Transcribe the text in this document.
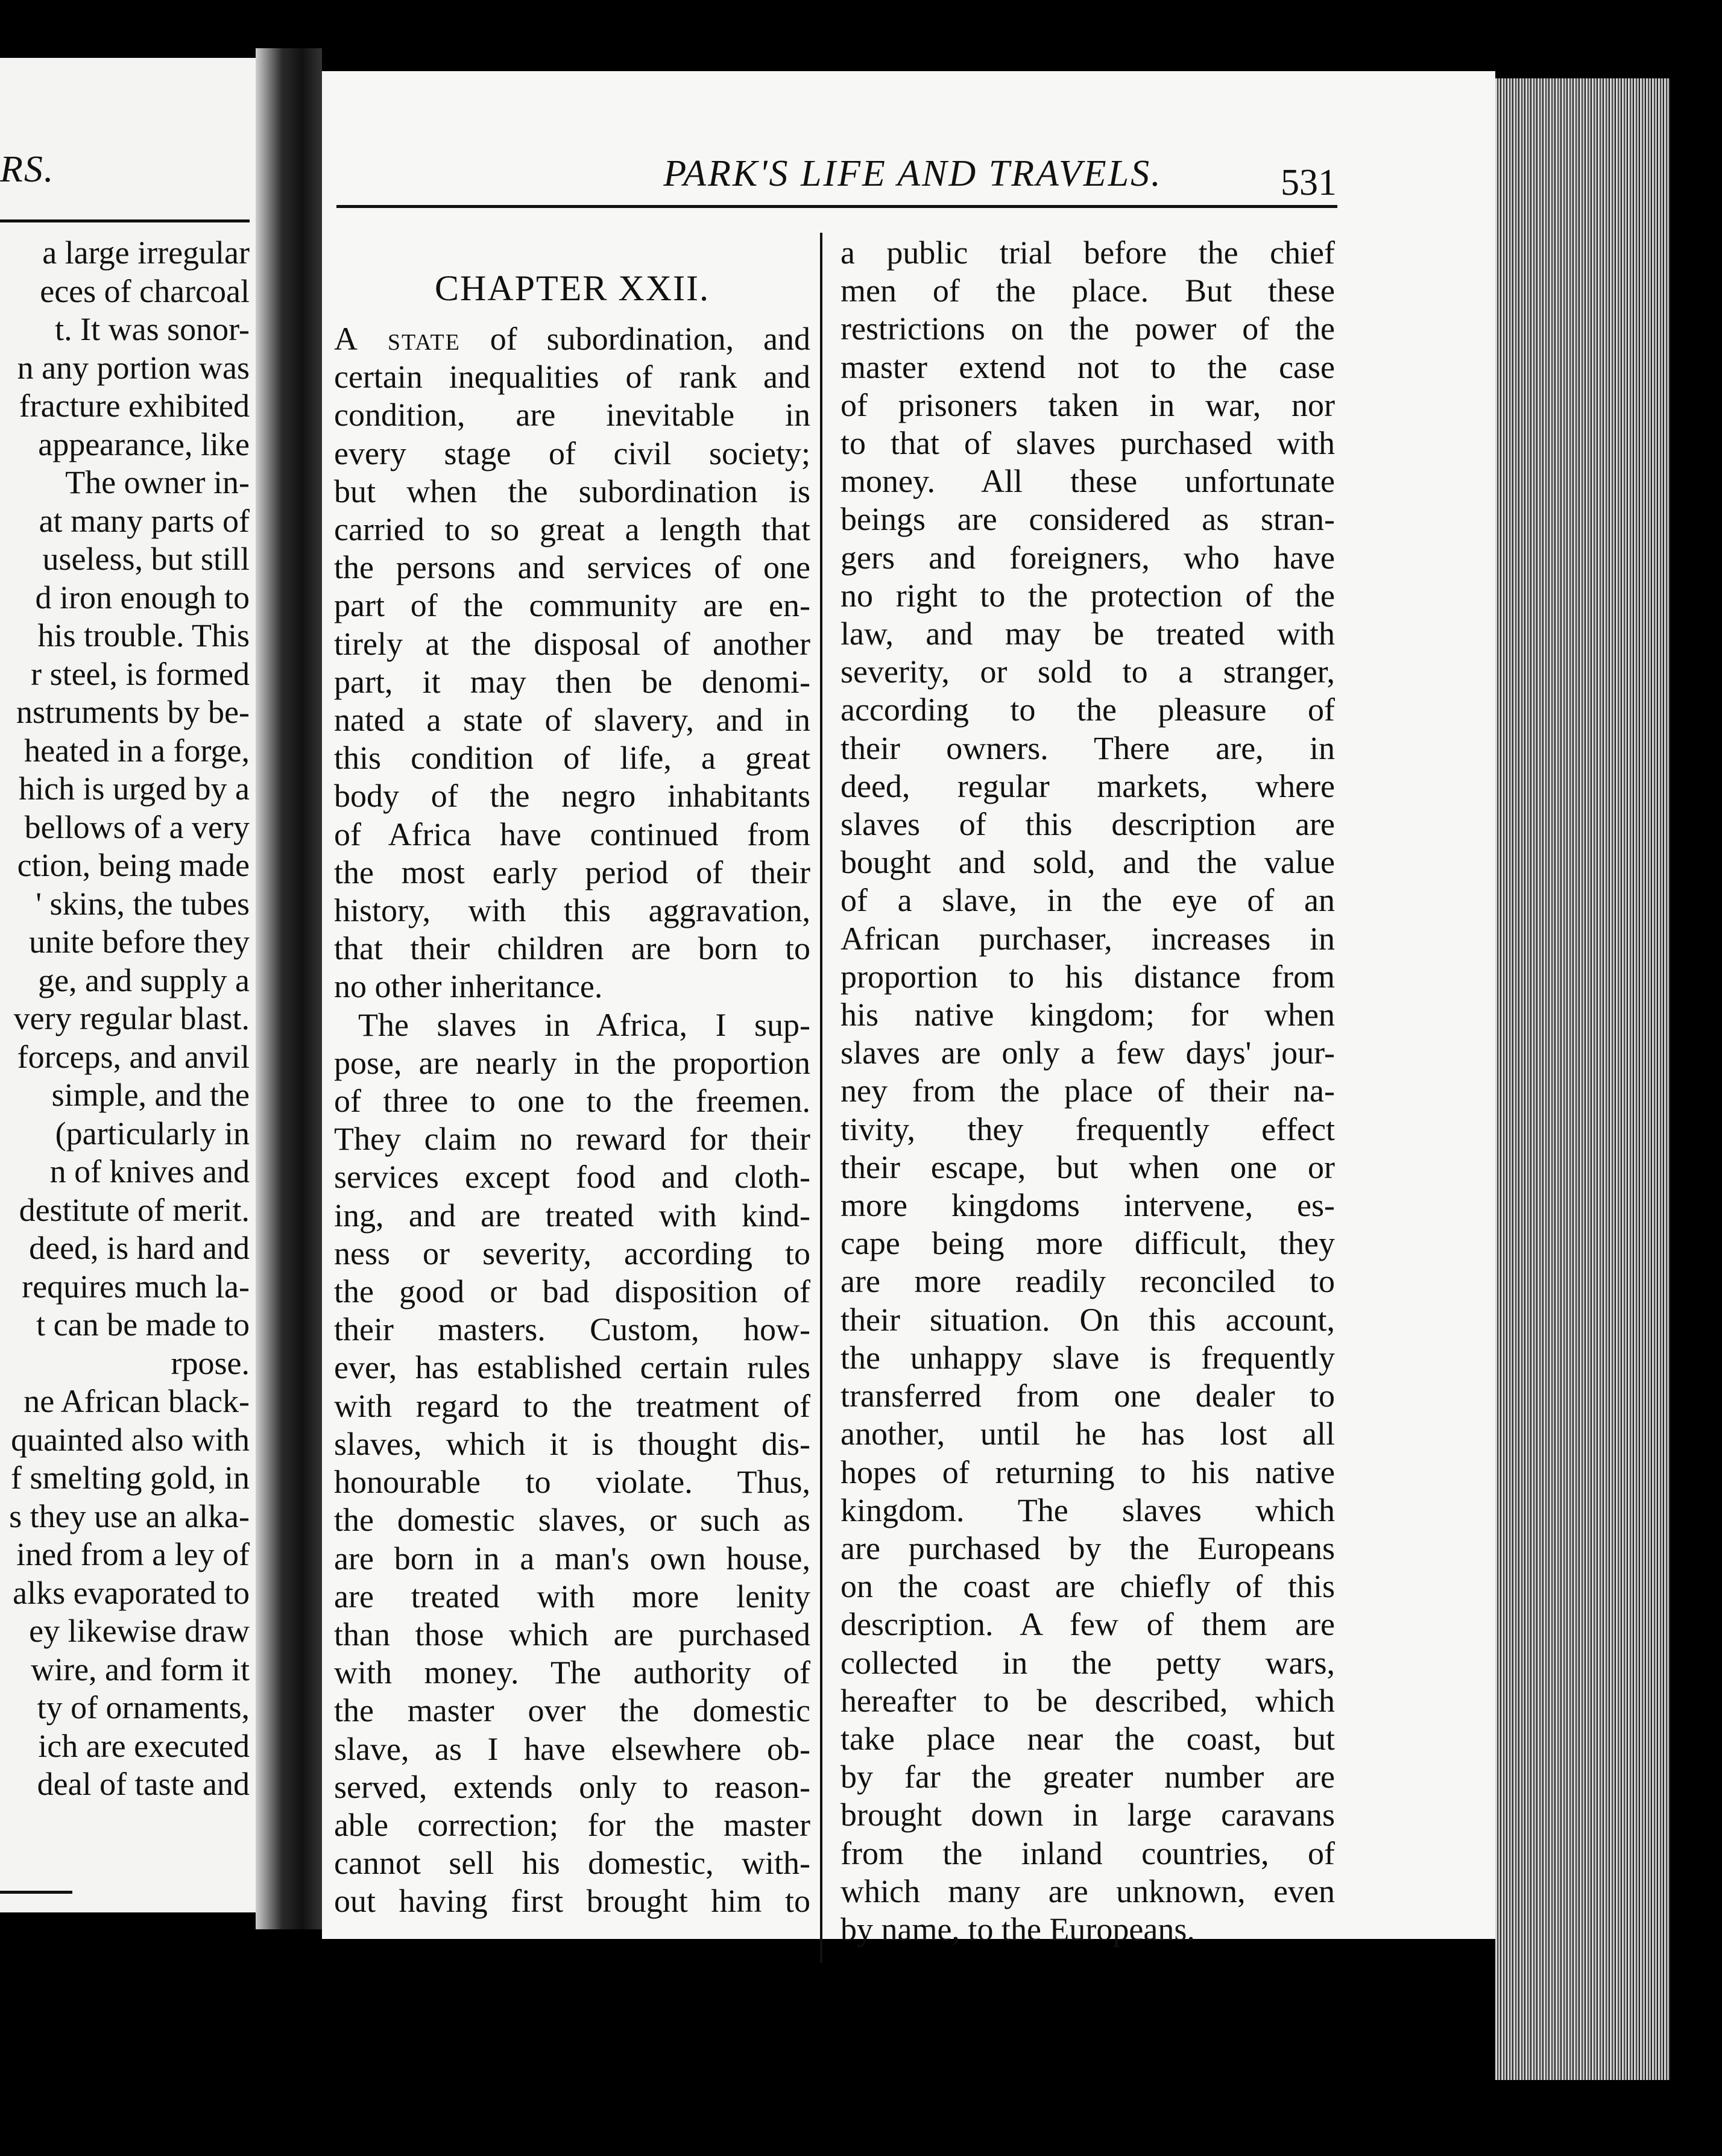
RS.
a large irregular
eces of charcoal
t. It was sonor-
n any portion was
fracture exhibited
appearance, like
The owner in-
at many parts of
useless, but still
d iron enough to
his trouble. This
r steel, is formed
nstruments by be-
heated in a forge,
hich is urged by a
bellows of a very
ction, being made
' skins, the tubes
unite before they
ge, and supply a
very regular blast.
forceps, and anvil
simple, and the
(particularly in
n of knives and
destitute of merit.
deed, is hard and
requires much la-
t can be made to
rpose.
ne African black-
quainted also with
f smelting gold, in
s they use an alka-
ined from a ley of
alks evaporated to
ey likewise draw
wire, and form it
ty of ornaments,
ich are executed
deal of taste and

PARK'S LIFE AND TRAVELS.	531
CHAPTER XXII.
A state of subordination, and
certain inequalities of rank and
condition, are inevitable in
every stage of civil society;
but when the subordination is
carried to so great a length that
the persons and services of one
part of the community are en-
tirely at the disposal of another
part, it may then be denomi-
nated a state of slavery, and in
this condition of life, a great
body of the negro inhabitants
of Africa have continued from
the most early period of their
history, with this aggravation,
that their children are born to
no other inheritance.
The slaves in Africa, I sup-
pose, are nearly in the proportion
of three to one to the freemen.
They claim no reward for their
services except food and cloth-
ing, and are treated with kind-
ness or severity, according to
the good or bad disposition of
their masters. Custom, how-
ever, has established certain rules
with regard to the treatment of
slaves, which it is thought dis-
honourable to violate. Thus,
the domestic slaves, or such as
are born in a man's own house,
are treated with more lenity
than those which are purchased
with money. The authority of
the master over the domestic
slave, as I have elsewhere ob-
served, extends only to reason-
able correction; for the master
cannot sell his domestic, with-
out having first brought him to
a public trial before the chief
men of the place. But these
restrictions on the power of the
master extend not to the case
of prisoners taken in war, nor
to that of slaves purchased with
money. All these unfortunate
beings are considered as stran-
gers and foreigners, who have
no right to the protection of the
law, and may be treated with
severity, or sold to a stranger,
according to the pleasure of
their owners. There are, in
deed, regular markets, where
slaves of this description are
bought and sold, and the value
of a slave, in the eye of an
African purchaser, increases in
proportion to his distance from
his native kingdom; for when
slaves are only a few days' jour-
ney from the place of their na-
tivity, they frequently effect
their escape, but when one or
more kingdoms intervene, es-
cape being more difficult, they
are more readily reconciled to
their situation. On this account,
the unhappy slave is frequently
transferred from one dealer to
another, until he has lost all
hopes of returning to his native
kingdom. The slaves which
are purchased by the Europeans
on the coast are chiefly of this
description. A few of them are
collected in the petty wars,
hereafter to be described, which
take place near the coast, but
by far the greater number are
brought down in large caravans
from the inland countries, of
which many are unknown, even
by name, to the Europeans.
